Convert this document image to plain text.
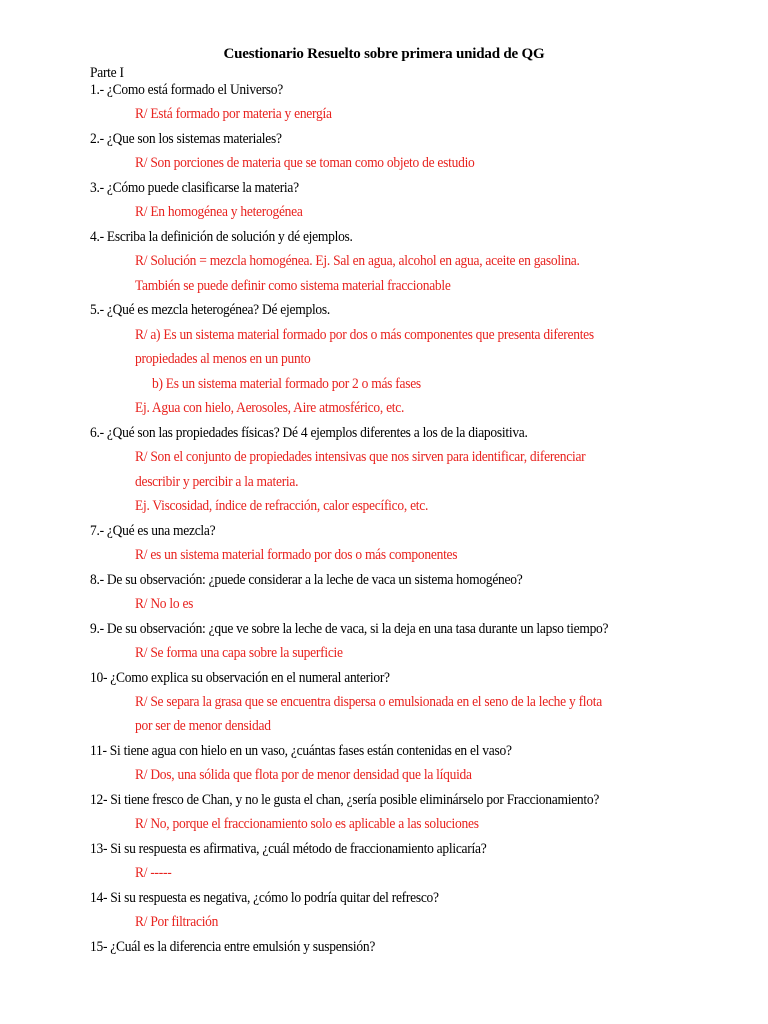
Cuestionario Resuelto sobre primera unidad de QG
Parte I
1.- ¿Como está formado el Universo?
R/ Está formado por materia y energía
2.- ¿Que son los sistemas materiales?
R/ Son porciones de materia que se toman como objeto de estudio
3.- ¿Cómo puede clasificarse la materia?
R/ En homogénea y heterogénea
4.- Escriba la definición de solución y dé ejemplos.
R/ Solución = mezcla homogénea. Ej. Sal en agua, alcohol en agua, aceite en gasolina.
También se puede definir como sistema material fraccionable
5.- ¿Qué es mezcla heterogénea? Dé ejemplos.
R/ a) Es un sistema material formado por dos o más componentes que presenta diferentes
propiedades al menos en un punto
b) Es un sistema material formado por 2 o más fases
Ej. Agua con hielo, Aerosoles, Aire atmosférico, etc.
6.- ¿Qué son las propiedades físicas? Dé 4 ejemplos diferentes a los de la diapositiva.
R/ Son el conjunto de propiedades intensivas que nos sirven para identificar, diferenciar
describir y percibir a la materia.
Ej. Viscosidad, índice de refracción, calor específico, etc.
7.- ¿Qué es una mezcla?
R/ es un sistema material formado por dos o más componentes
8.- De su observación: ¿puede considerar a la leche de vaca un sistema homogéneo?
R/ No lo es
9.- De su observación: ¿que ve sobre la leche de vaca, si la deja en una tasa durante un lapso tiempo?
R/ Se forma una capa sobre la superficie
10- ¿Como explica su observación en el numeral anterior?
R/ Se separa la grasa que se encuentra dispersa o emulsionada en el seno de la leche y flota
por ser de menor densidad
11- Si tiene agua con hielo en un vaso, ¿cuántas fases están contenidas en el vaso?
R/ Dos, una sólida que flota por de menor densidad que la líquida
12- Si tiene fresco de Chan, y no le gusta el chan, ¿sería posible eliminárselo por Fraccionamiento?
R/ No, porque el fraccionamiento solo es aplicable a las soluciones
13- Si su respuesta es afirmativa, ¿cuál método de fraccionamiento aplicaría?
R/ -----
14- Si su respuesta es negativa, ¿cómo lo podría quitar del refresco?
R/ Por filtración
15- ¿Cuál es la diferencia entre emulsión y suspensión?
